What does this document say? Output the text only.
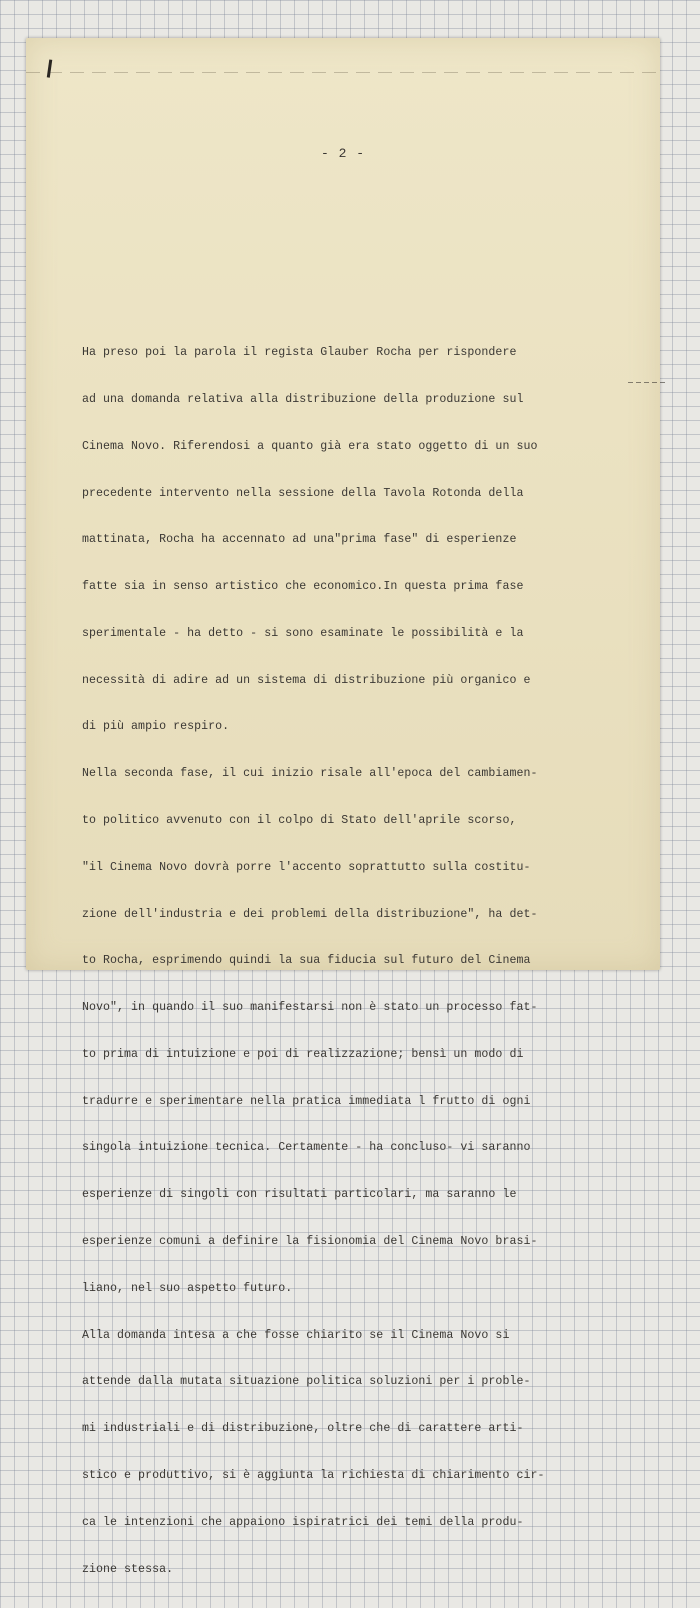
- 2 -

Ha preso poi la parola il regista Glauber Rocha per rispondere

ad una domanda relativa alla distribuzione della produzione sul

Cinema Novo. Riferendosi a quanto già era stato oggetto di un suo

precedente intervento nella sessione della Tavola Rotonda della

mattinata, Rocha ha accennato ad una"prima fase" di esperienze

fatte sia in senso artistico che economico.In questa prima fase

sperimentale - ha detto - si sono esaminate le possibilità e la

necessità di adire ad un sistema di distribuzione più organico e

di più ampio respiro.

Nella seconda fase, il cui inizio risale all'epoca del cambiamen-

to politico avvenuto con il colpo di Stato dell'aprile scorso,

"il Cinema Novo dovrà porre l'accento soprattutto sulla costitu-

zione dell'industria e dei problemi della distribuzione", ha det-

to Rocha, esprimendo quindi la sua fiducia sul futuro del Cinema

Novo", in quando il suo manifestarsi non è stato un processo fat-

to prima di intuizione e poi di realizzazione; bensì un modo di

tradurre e sperimentare nella pratica immediata l frutto di ogni

singola intuizione tecnica. Certamente - ha concluso- vi saranno

esperienze di singoli con risultati particolari, ma saranno le

esperienze comuni a definire la fisionomia del Cinema Novo brasi-

liano, nel suo aspetto futuro.

Alla domanda intesa a che fosse chiarito se il Cinema Novo si

attende dalla mutata situazione politica soluzioni per i proble-

mi industriali e di distribuzione, oltre che di carattere arti-

stico e produttivo, si è aggiunta la richiesta di chiarimento cir-

ca le intenzioni che appaiono ispiratrici dei temi della produ-

zione stessa.
